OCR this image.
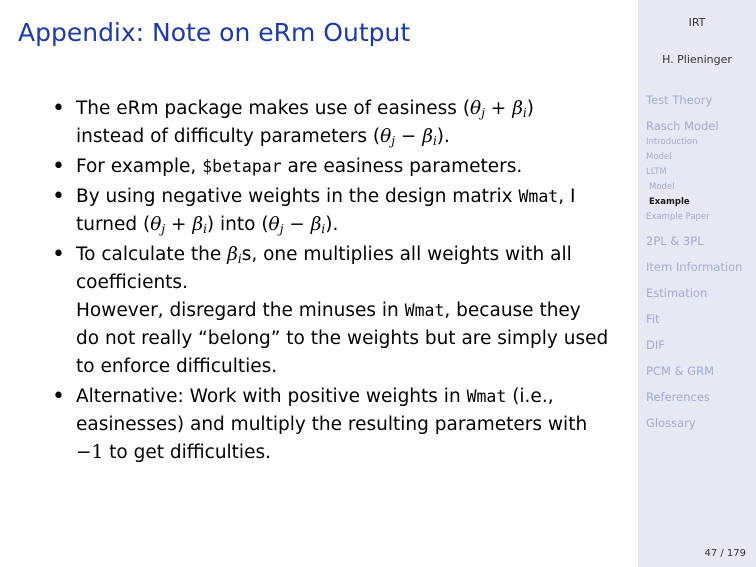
Appendix: Note on eRm Output
• The eRm package makes use of easiness $(\theta_j + \beta_i)$
instead of difficulty parameters $(\theta_j - \beta_i)$.
• For example, $betapar are easiness parameters.
• By using negative weights in the design matrix Wmat, I
turned $(\theta_j + \beta_i)$ into $(\theta_j - \beta_i)$.
• To calculate the $\beta_is$, one multiplies all weights with all
coefficients.
However, disregard the minuses in Wmat, because they
do not really “belong” to the weights but are simply used
to enforce difficulties.
• Alternative: Work with positive weights in Wmat (i.e.,
easinesses) and multiply the resulting parameters with
−1 to get difficulties.
IRT
H. Plieninger
Test Theory
Rasch Model
Introduction
Model
LLTM
Model
Example
Example Paper
2PL & 3PL
Item Information
Estimation
Fit
DIF
PCM & GRM
References
Glossary
47 / 179
